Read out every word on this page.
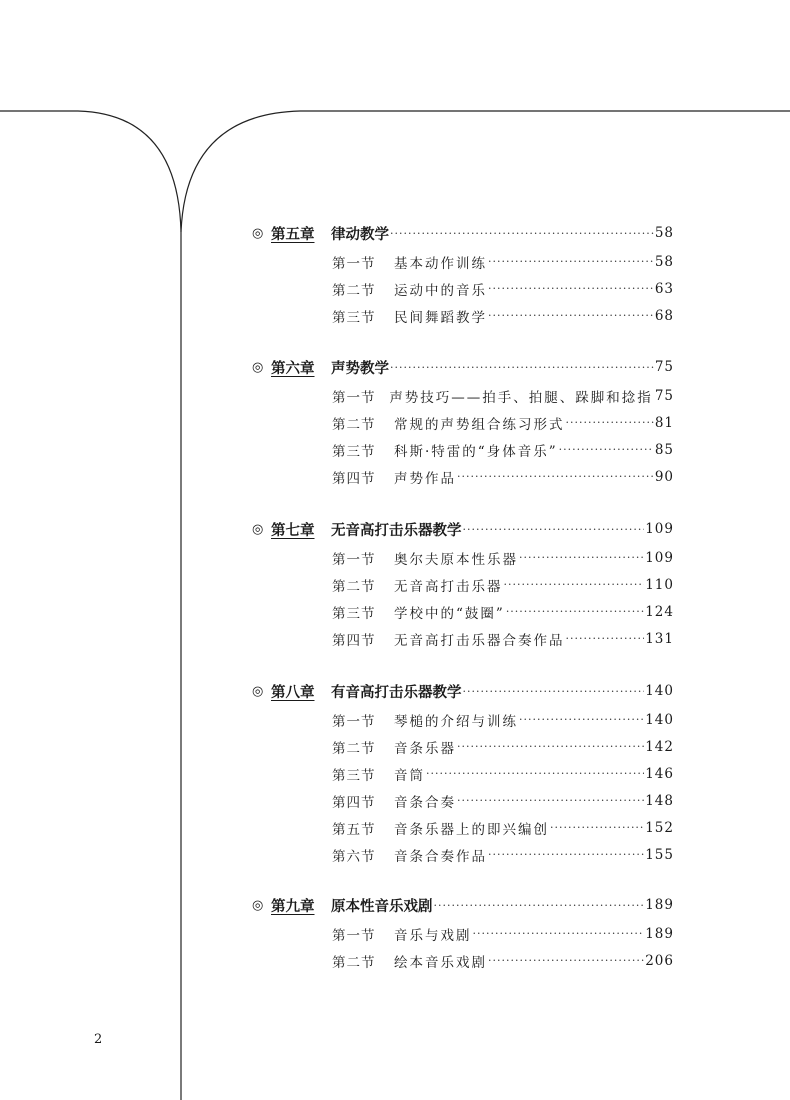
◎ 第五章	律动教学 ·····	58
第一节	基本动作训练 ·····	58
第二节	运动中的音乐 ·····	63
第三节	民间舞蹈教学 ·····	68
◎ 第六章	声势教学 ·····	75
第一节	声势技巧——拍手、拍腿、跺脚和捻指 75
第二节	常规的声势组合练习形式 ·····	81
第三节	科斯·特雷的“身体音乐” ·····	85
第四节	声势作品 ·····	90
◎ 第七章	无音高打击乐器教学 ·····	109
第一节	奥尔夫原本性乐器 ·····	109
第二节	无音高打击乐器 ·····	110
第三节	学校中的“鼓圈” ·····	124
第四节	无音高打击乐器合奏作品 ·····	131
◎ 第八章	有音高打击乐器教学 ·····	140
第一节	琴槌的介绍与训练 ·····	140
第二节	音条乐器 ·····	142
第三节	音筒 ·····	146
第四节	音条合奏 ·····	148
第五节	音条乐器上的即兴编创 ·····	152
第六节	音条合奏作品 ·····	155
◎ 第九章	原本性音乐戏剧 ·····	189
第一节	音乐与戏剧 ·····	189
第二节	绘本音乐戏剧 ·····	206
2
